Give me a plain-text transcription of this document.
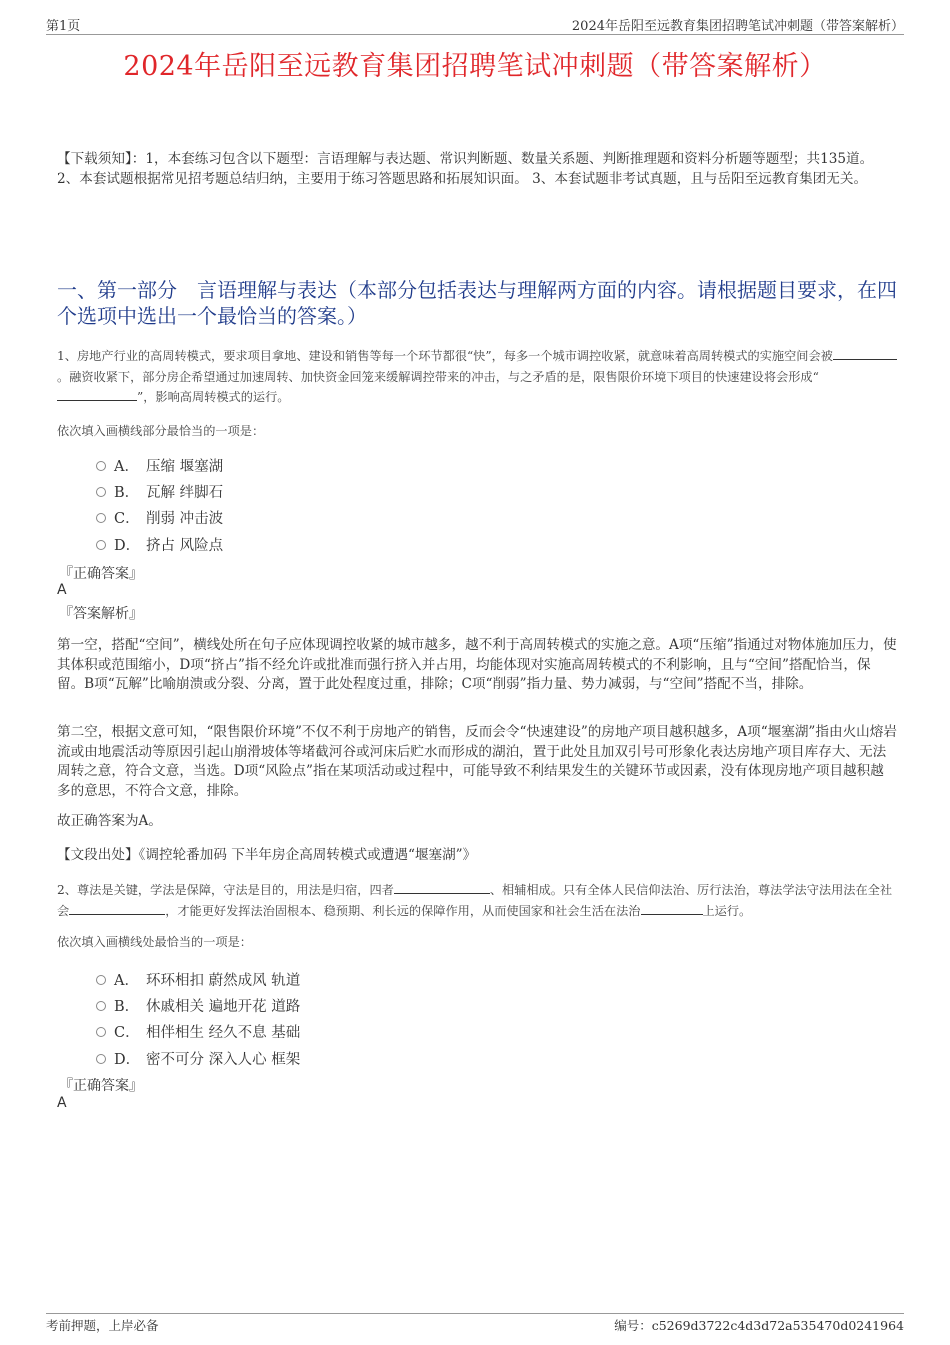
第1页	2024年岳阳至远教育集团招聘笔试冲刺题（带答案解析）
2024年岳阳至远教育集团招聘笔试冲刺题（带答案解析）
【下载须知】：1，本套练习包含以下题型：言语理解与表达题、常识判断题、数量关系题、判断推理题和资料分析题等题型；共135道。 2、本套试题根据常见招考题总结归纳，主要用于练习答题思路和拓展知识面。 3、本套试题非考试真题，且与岳阳至远教育集团无关。
一、第一部分　言语理解与表达（本部分包括表达与理解两方面的内容。请根据题目要求，在四个选项中选出一个最恰当的答案。）
1、房地产行业的高周转模式，要求项目拿地、建设和销售等每一个环节都很“快”，每多一个城市调控收紧，就意味着高周转模式的实施空间会被。融资收紧下，部分房企希望通过加速周转、加快资金回笼来缓解调控带来的冲击，与之矛盾的是，限售限价环境下项目的快速建设将会形成“”，影响高周转模式的运行。
依次填入画横线部分最恰当的一项是：
A． 压缩 堰塞湖
B． 瓦解 绊脚石
C． 削弱 冲击波
D． 挤占 风险点
『正确答案』
A
『答案解析』
第一空，搭配“空间”，横线处所在句子应体现调控收紧的城市越多，越不利于高周转模式的实施之意。A项“压缩”指通过对物体施加压力，使其体积或范围缩小，D项“挤占”指不经允许或批准而强行挤入并占用，均能体现对实施高周转模式的不利影响，且与“空间”搭配恰当，保留。B项“瓦解”比喻崩溃或分裂、分离，置于此处程度过重，排除；C项“削弱”指力量、势力减弱，与“空间”搭配不当，排除。
第二空，根据文意可知，“限售限价环境”不仅不利于房地产的销售，反而会令“快速建设”的房地产项目越积越多，A项“堰塞湖”指由火山熔岩流或由地震活动等原因引起山崩滑坡体等堵截河谷或河床后贮水而形成的湖泊，置于此处且加双引号可形象化表达房地产项目库存大、无法周转之意，符合文意，当选。D项“风险点”指在某项活动或过程中，可能导致不利结果发生的关键环节或因素，没有体现房地产项目越积越多的意思，不符合文意，排除。
故正确答案为A。
【文段出处】《调控轮番加码 下半年房企高周转模式或遭遇“堰塞湖”》
2、尊法是关键，学法是保障，守法是目的，用法是归宿，四者	、相辅相成。只有全体人民信仰法治、厉行法治，尊法学法守法用法在全社会	，才能更好发挥法治固根本、稳预期、利长远的保障作用，从而使国家和社会生活在法治	上运行。
依次填入画横线处最恰当的一项是：
A． 环环相扣 蔚然成风 轨道
B． 休戚相关 遍地开花 道路
C． 相伴相生 经久不息 基础
D． 密不可分 深入人心 框架
『正确答案』
A
考前押题，上岸必备	编号：c5269d3722c4d3d72a535470d0241964
